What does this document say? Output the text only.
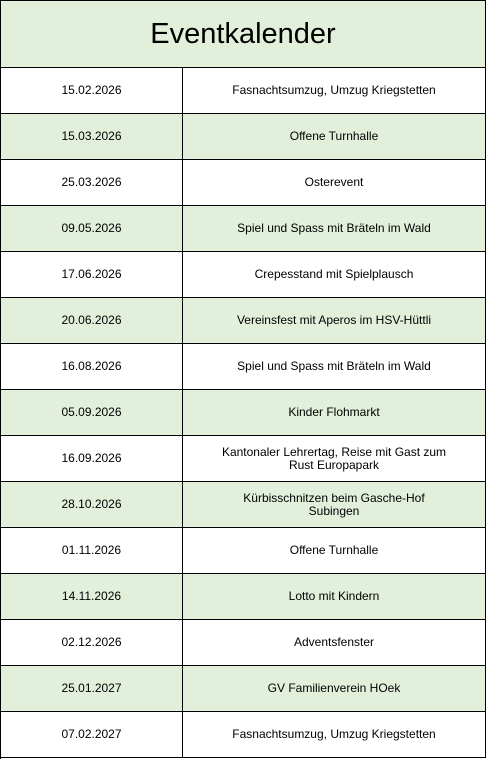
Eventkalender
15.02.2026	Fasnachtsumzug, Umzug Kriegstetten
15.03.2026	Offene Turnhalle
25.03.2026	Osterevent
09.05.2026	Spiel und Spass mit Bräteln im Wald
17.06.2026	Crepesstand mit Spielplausch
20.06.2026	Vereinsfest mit Aperos im HSV-Hüttli
16.08.2026	Spiel und Spass mit Bräteln im Wald
05.09.2026	Kinder Flohmarkt
16.09.2026	Kantonaler Lehrertag, Reise mit Gast zum Rust Europapark
28.10.2026	Kürbisschnitzen beim Gasche-Hof Subingen
01.11.2026	Offene Turnhalle
14.11.2026	Lotto mit Kindern
02.12.2026	Adventsfenster
25.01.2027	GV Familienverein HOek
07.02.2027	Fasnachtsumzug, Umzug Kriegstetten
